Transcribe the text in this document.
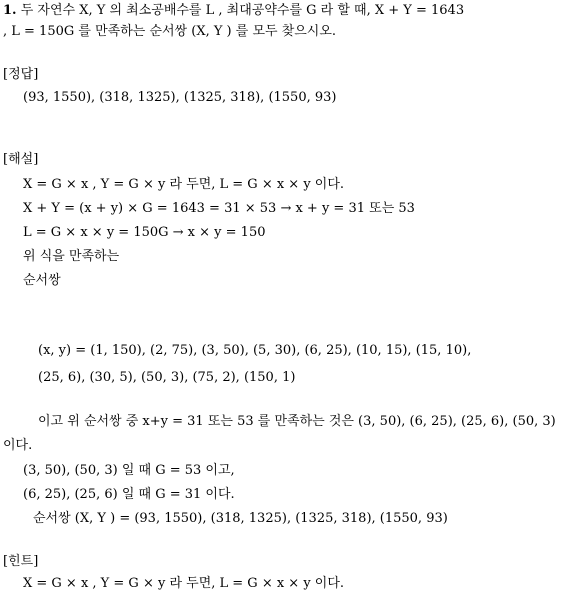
1. 두 자연수 X, Y 의 최소공배수를 L , 최대공약수를 G 라 할 때, X + Y = 1643
, L = 150G 를 만족하는 순서쌍 (X, Y ) 를 모두 찾으시오.
[정답]
(93, 1550), (318, 1325), (1325, 318), (1550, 93)
[해설]
X = G × x , Y = G × y 라 두면, L = G × x × y 이다.
X + Y = (x + y) × G = 1643 = 31 × 53 → x + y = 31 또는 53
L = G × x × y = 150G → x × y = 150
위 식을 만족하는
순서쌍
(x, y) = (1, 150), (2, 75), (3, 50), (5, 30), (6, 25), (10, 15), (15, 10),
(25, 6), (30, 5), (50, 3), (75, 2), (150, 1)
이고 위 순서쌍 중 x+y = 31 또는 53 를 만족하는 것은 (3, 50), (6, 25), (25, 6), (50, 3)
이다.
(3, 50), (50, 3) 일 때 G = 53 이고,
(6, 25), (25, 6) 일 때 G = 31 이다.
순서쌍 (X, Y ) = (93, 1550), (318, 1325), (1325, 318), (1550, 93)
[힌트]
X = G × x , Y = G × y 라 두면, L = G × x × y 이다.
